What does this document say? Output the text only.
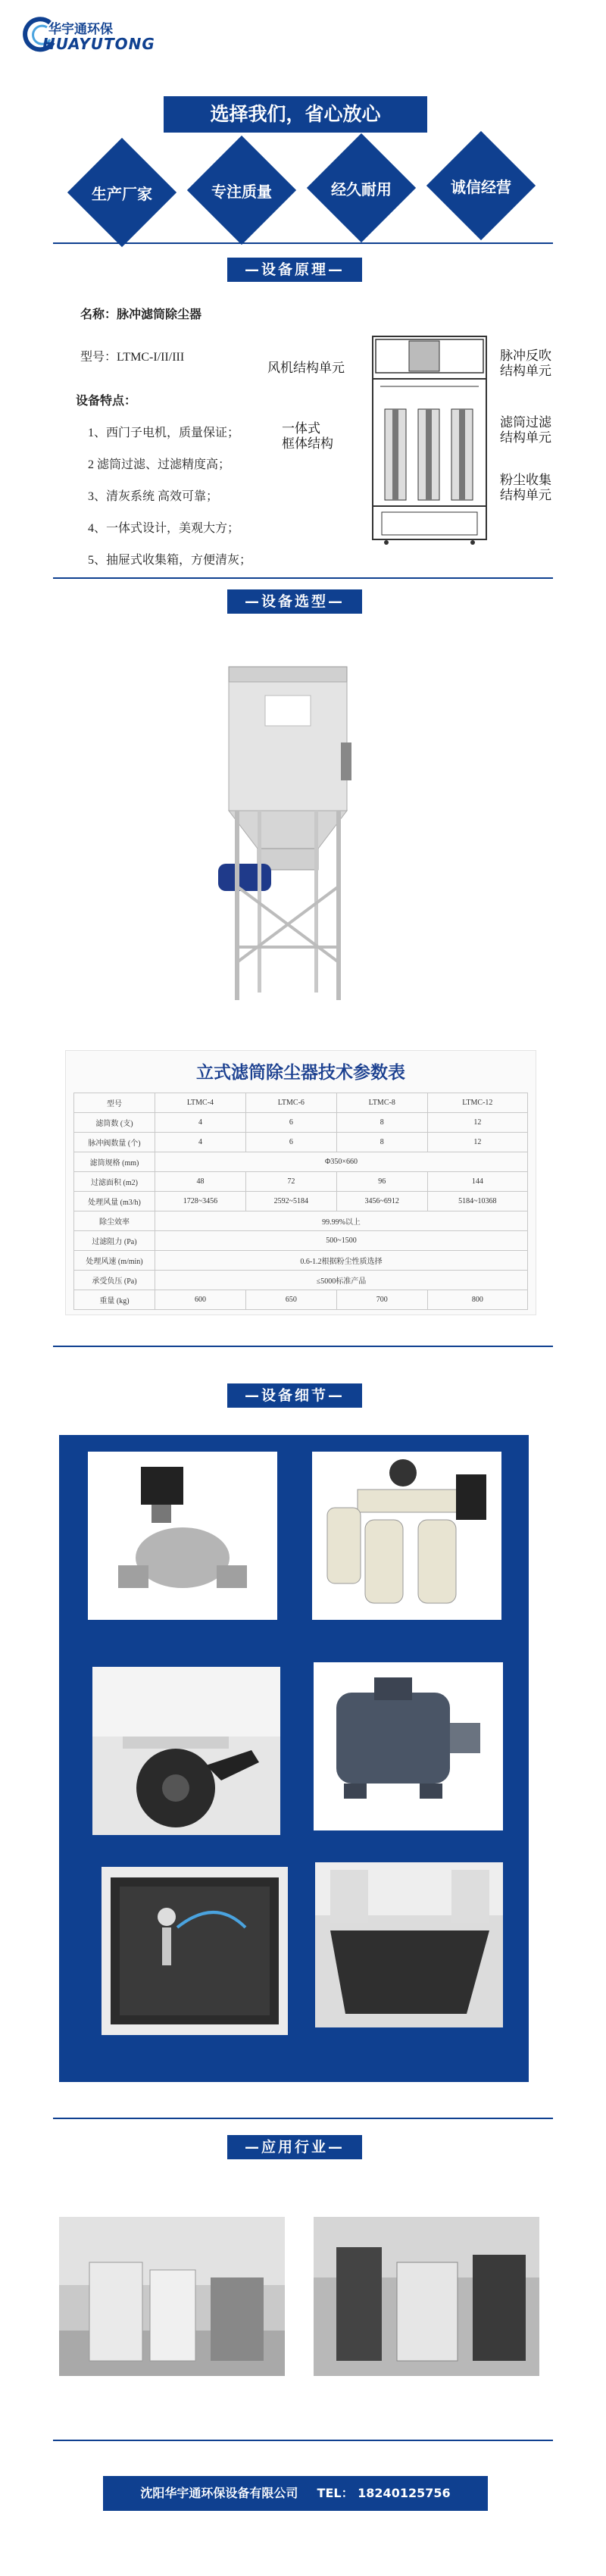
华宇通环保
HUAYUTONG
选择我们，省心放心
生产厂家	专注质量	经久耐用	诚信经营
—设备原理—
名称：脉冲滤筒除尘器
型号：LTMC-I/II/III
设备特点：
1、西门子电机，质量保证；
2 滤筒过滤、过滤精度高；
3、清灰系统 高效可靠；
4、一体式设计，美观大方；
5、抽屉式收集箱，方便清灰；
风机结构单元
一体式
框体结构
脉冲反吹
结构单元
滤筒过滤
结构单元
粉尘收集
结构单元
—设备选型—
立式滤筒除尘器技术参数表
型号	LTMC-4	LTMC-6	LTMC-8	LTMC-12
滤筒数 (支)	4	6	8	12
脉冲阀数量 (个)	4	6	8	12
滤筒规格 (mm)	Φ350×660			
过滤面积 (m2)	48	72	96	144
处理风量 (m3/h)	1728~3456	2592~5184	3456~6912	5184~10368
除尘效率	99.99%以上			
过滤阻力 (Pa)	500~1500			
处理风速 (m/min)	0.6-1.2根据粉尘性质选择			
承受负压 (Pa)	≤5000标准产品			
重量 (kg)	600	650	700	800
—设备细节—
—应用行业—
沈阳华宇通环保设备有限公司 TEL： 18240125756
